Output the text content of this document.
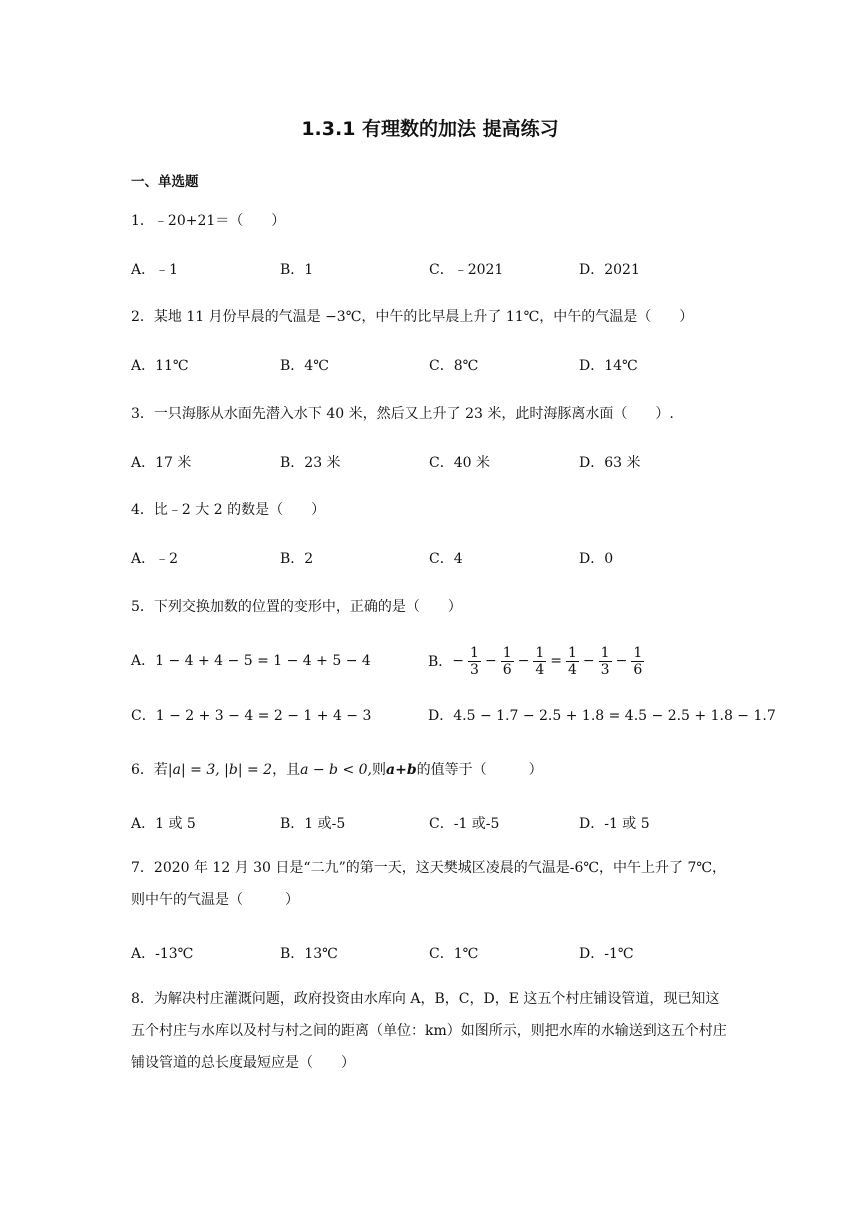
1.3.1 有理数的加法 提高练习
一、单选题
1．﹣20+21＝（　　）
A．﹣1	B．1	C．﹣2021	D．2021
2．某地 11 月份早晨的气温是 −3℃，中午的比早晨上升了 11℃，中午的气温是（　　）
A．11℃	B．4℃	C．8℃	D．14℃
3．一只海豚从水面先潜入水下 40 米，然后又上升了 23 米，此时海豚离水面（　　）.
A．17 米	B．23 米	C．40 米	D．63 米
4．比﹣2 大 2 的数是（　　）
A．﹣2	B．2	C．4	D．0
5．下列交换加数的位置的变形中，正确的是（　　）
A．1 − 4 + 4 − 5 = 1 − 4 + 5 − 4	B． − $\frac{1}{3} - \frac{1}{6} - \frac{1}{4} = \frac{1}{4} - \frac{1}{3} - \frac{1}{6}$
C．1 − 2 + 3 − 4 = 2 − 1 + 4 − 3	D．4.5 − 1.7 − 2.5 + 1.8 = 4.5 − 2.5 + 1.8 − 1.7
6．若|a| = 3, |b| = 2，且a − b < 0,则a+b的值等于（　　　）
A．1 或 5	B．1 或-5	C．-1 或-5	D．-1 或 5
7．2020 年 12 月 30 日是“二九”的第一天，这天樊城区凌晨的气温是-6℃，中午上升了 7℃，则中午的气温是（　　　）
A．-13℃	B．13℃	C．1℃	D．-1℃
8．为解决村庄灌溉问题，政府投资由水库向 A，B，C，D，E 这五个村庄铺设管道，现已知这五个村庄与水库以及村与村之间的距离（单位：km）如图所示，则把水库的水输送到这五个村庄铺设管道的总长度最短应是（　　）
